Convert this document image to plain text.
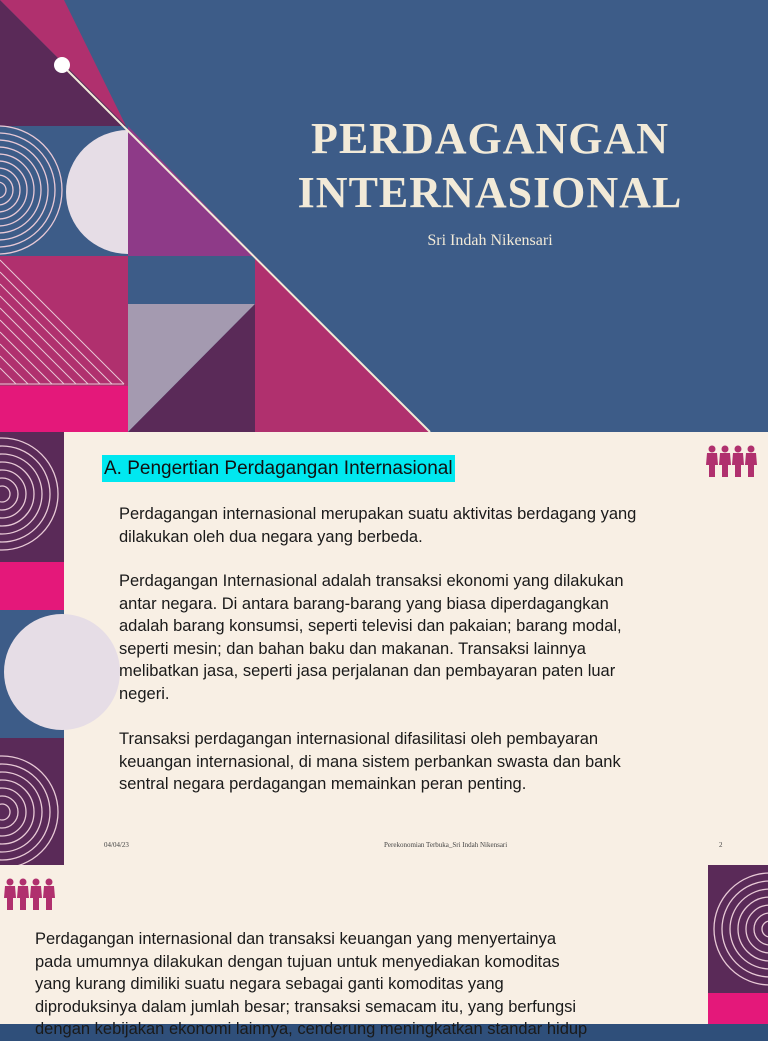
PERDAGANGAN
INTERNASIONAL
Sri Indah Nikensari
A. Pengertian Perdagangan Internasional
Perdagangan internasional merupakan suatu aktivitas berdagang yang
dilakukan oleh dua negara yang berbeda.
Perdagangan Internasional adalah transaksi ekonomi yang dilakukan
antar negara. Di antara barang-barang yang biasa diperdagangkan
adalah barang konsumsi, seperti televisi dan pakaian; barang modal,
seperti mesin; dan bahan baku dan makanan. Transaksi lainnya
melibatkan jasa, seperti jasa perjalanan dan pembayaran paten luar
negeri.
Transaksi perdagangan internasional difasilitasi oleh pembayaran
keuangan internasional, di mana sistem perbankan swasta dan bank
sentral negara perdagangan memainkan peran penting.
04/04/23	Perekonomian Terbuka_Sri Indah Nikensari	2
Perdagangan internasional dan transaksi keuangan yang menyertainya
pada umumnya dilakukan dengan tujuan untuk menyediakan komoditas
yang kurang dimiliki suatu negara sebagai ganti komoditas yang
diproduksinya dalam jumlah besar; transaksi semacam itu, yang berfungsi
dengan kebijakan ekonomi lainnya, cenderung meningkatkan standar hidup
